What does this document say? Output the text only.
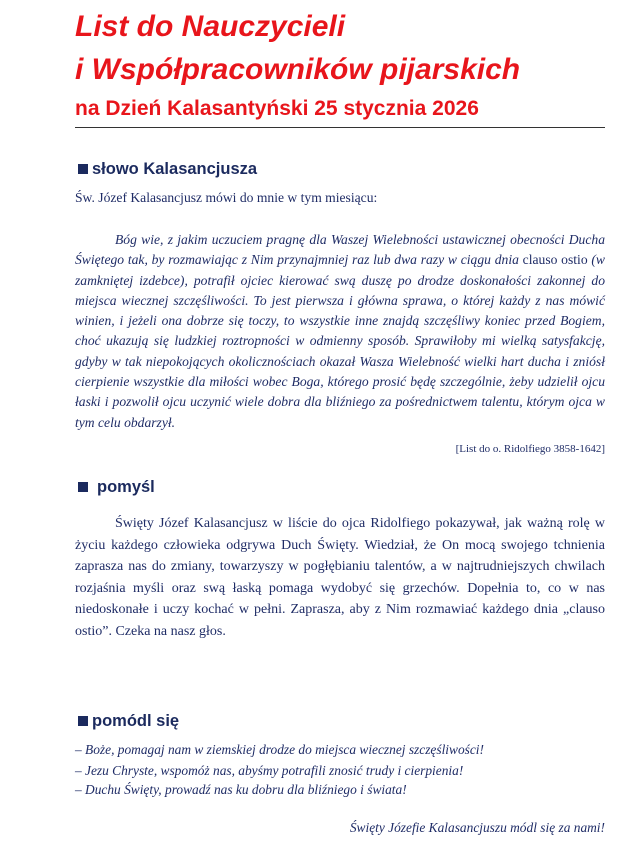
List do Nauczycieli
i Współpracowników pijarskich
na Dzień Kalasantyński 25 stycznia 2026
słowo Kalasancjusza
Św. Józef Kalasancjusz mówi do mnie w tym miesiącu:
Bóg wie, z jakim uczuciem pragnę dla Waszej Wielebności ustawicznej obecności Ducha Świętego tak, by rozmawiając z Nim przynajmniej raz lub dwa razy w ciągu dnia clauso ostio (w zamkniętej izdebce), potrafił ojciec kierować swą duszę po drodze doskonałości zakonnej do miejsca wiecznej szczęśliwości. To jest pierwsza i główna sprawa, o której każdy z nas mówić winien, i jeżeli ona dobrze się toczy, to wszystkie inne znajdą szczęśliwy koniec przed Bogiem, choć ukazują się ludzkiej roztropności w odmienny sposób. Sprawiłoby mi wielką satysfakcję, gdyby w tak niepokojących okolicznościach okazał Wasza Wielebność wielki hart ducha i zniósł cierpienie wszystkie dla miłości wobec Boga, którego prosić będę szczególnie, żeby udzielił ojcu łaski i pozwolił ojcu uczynić wiele dobra dla bliźniego za pośrednictwem talentu, którym ojca w tym celu obdarzył.
[List do o. Ridolfiego 3858-1642]
pomyśl
Święty Józef Kalasancjusz w liście do ojca Ridolfiego pokazywał, jak ważną rolę w życiu każdego człowieka odgrywa Duch Święty. Wiedział, że On mocą swojego tchnienia zaprasza nas do zmiany, towarzyszy w pogłębianiu talentów, a w najtrudniejszych chwilach rozjaśnia myśli oraz swą łaską pomaga wydobyć się grzechów. Dopełnia to, co w nas niedoskonałe i uczy kochać w pełni. Zaprasza, aby z Nim rozmawiać każdego dnia „clauso ostio”. Czeka na nasz głos.
pomódl się
– Boże, pomagaj nam w ziemskiej drodze do miejsca wiecznej szczęśliwości!
– Jezu Chryste, wspomóż nas, abyśmy potrafili znosić trudy i cierpienia!
– Duchu Święty, prowadź nas ku dobru dla bliźniego i świata!
Święty Józefie Kalasancjuszu módl się za nami!
